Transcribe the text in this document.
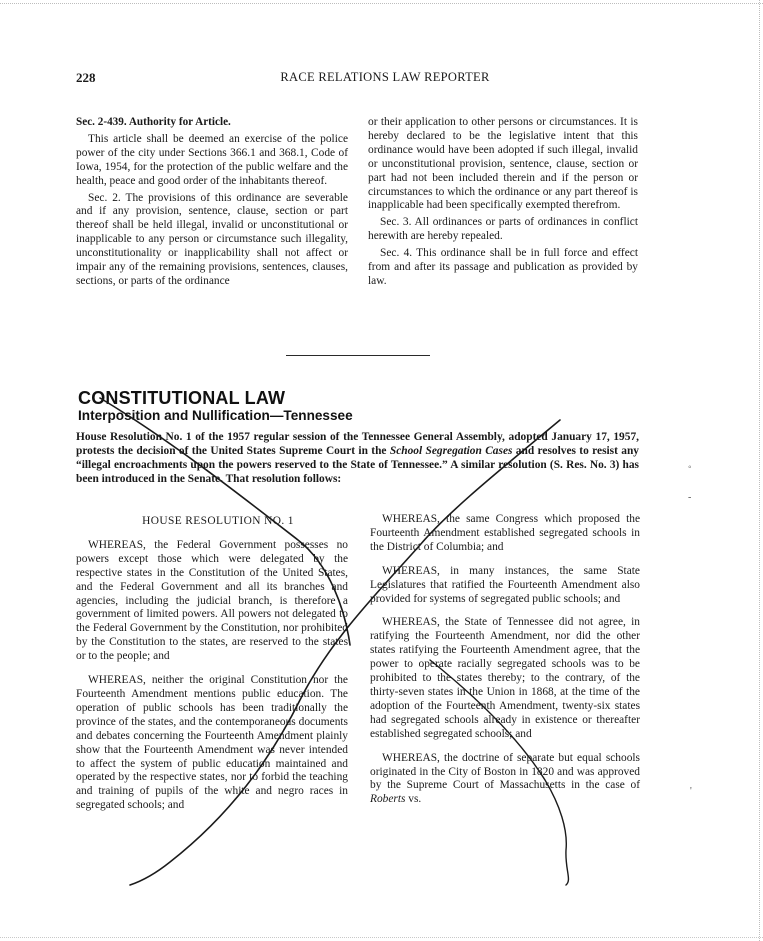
228	RACE RELATIONS LAW REPORTER

Sec. 2-439. Authority for Article.

This article shall be deemed an exercise of the police power of the city under Sections 366.1 and 368.1, Code of Iowa, 1954, for the protection of the public welfare and the health, peace and good order of the inhabitants thereof.

Sec. 2. The provisions of this ordinance are severable and if any provision, sentence, clause, section or part thereof shall be held illegal, invalid or unconstitutional or inapplicable to any person or circumstance such illegality, unconstitutionality or inapplicability shall not affect or impair any of the remaining provisions, sentences, clauses, sections, or parts of the ordinance

or their application to other persons or circumstances. It is hereby declared to be the legislative intent that this ordinance would have been adopted if such illegal, invalid or unconstitutional provision, sentence, clause, section or part had not been included therein and if the person or circumstances to which the ordinance or any part thereof is inapplicable had been specifically exempted therefrom.

Sec. 3. All ordinances or parts of ordinances in conflict herewith are hereby repealed.

Sec. 4. This ordinance shall be in full force and effect from and after its passage and publication as provided by law.

CONSTITUTIONAL LAW
Interposition and Nullification—Tennessee
House Resolution No. 1 of the 1957 regular session of the Tennessee General Assembly, adopted January 17, 1957, protests the decision of the United States Supreme Court in the School Segregation Cases and resolves to resist any “illegal encroachments upon the powers reserved to the State of Tennessee.” A similar resolution (S. Res. No. 3) has been introduced in the Senate. That resolution follows:

HOUSE RESOLUTION NO. 1

WHEREAS, the Federal Government possesses no powers except those which were delegated by the respective states in the Constitution of the United States, and the Federal Government and all its branches and agencies, including the judicial branch, is therefore a government of limited powers. All powers not delegated to the Federal Government by the Constitution, nor prohibited by the Constitution to the states, are reserved to the states or to the people; and

WHEREAS, neither the original Constitution nor the Fourteenth Amendment mentions public education. The operation of public schools has been traditionally the province of the states, and the contemporaneous documents and debates concerning the Fourteenth Amendment plainly show that the Fourteenth Amendment was never intended to affect the system of public education maintained and operated by the respective states, nor to forbid the teaching and training of pupils of the white and negro races in segregated schools; and

WHEREAS, the same Congress which proposed the Fourteenth Amendment established segregated schools in the District of Columbia; and

WHEREAS, in many instances, the same State Legislatures that ratified the Fourteenth Amendment also provided for systems of segregated public schools; and

WHEREAS, the State of Tennessee did not agree, in ratifying the Fourteenth Amendment, nor did the other states ratifying the Fourteenth Amendment agree, that the power to operate racially segregated schools was to be prohibited to the states thereby; to the contrary, of the thirty-seven states in the Union in 1868, at the time of the adoption of the Fourteenth Amendment, twenty-six states had segregated schools already in existence or thereafter established segregated schools; and

WHEREAS, the doctrine of separate but equal schools originated in the City of Boston in 1820 and was approved by the Supreme Court of Massachusetts in the case of Roberts vs.

◦
-
'
